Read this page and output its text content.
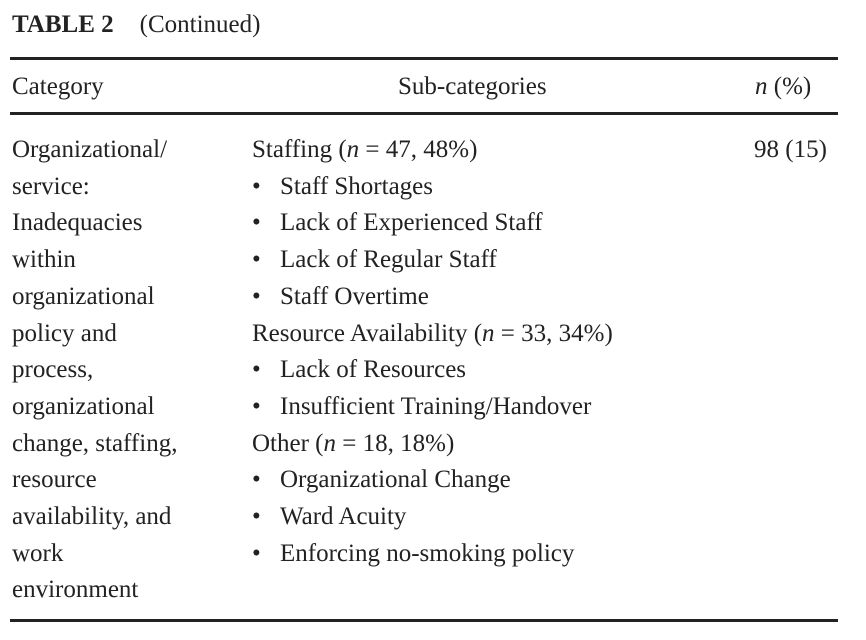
TABLE 2 (Continued)
Category	Sub-categories	n (%)
Organizational/
service:
Inadequacies
within
organizational
policy and
process,
organizational
change, staffing,
resource
availability, and
work
environment
Staffing (n = 47, 48%)
• Staff Shortages
• Lack of Experienced Staff
• Lack of Regular Staff
• Staff Overtime
Resource Availability (n = 33, 34%)
• Lack of Resources
• Insufficient Training/Handover
Other (n = 18, 18%)
• Organizational Change
• Ward Acuity
• Enforcing no-smoking policy
98 (15)
